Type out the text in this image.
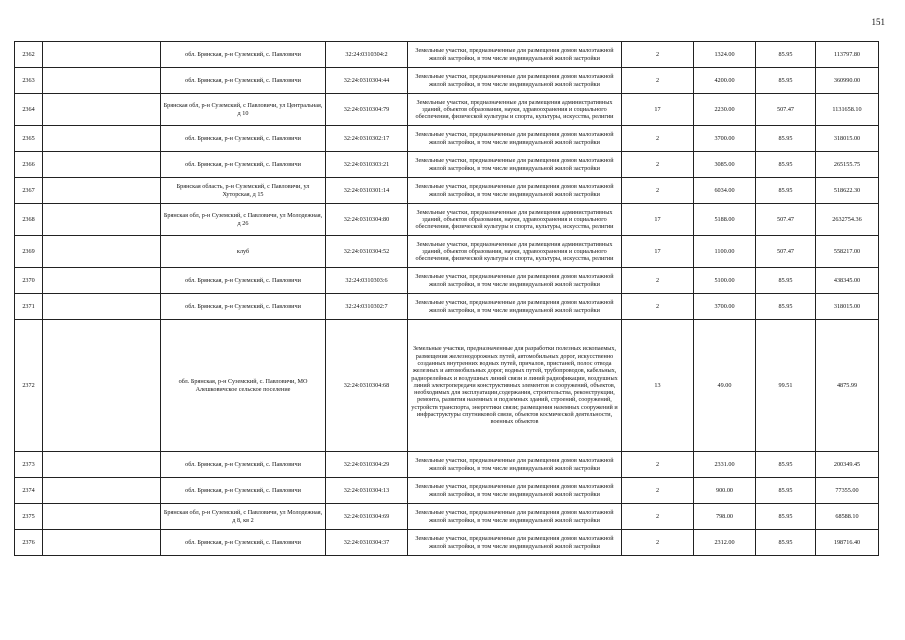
151
2362		обл. Брянская, р-н Суземский, с. Павловичи	32:24:0310304:2	Земельные участки, предназначенные для размещения домов малоэтажной жилой застройки, в том числе индивидуальной жилой застройки	2	1324.00	85.95	113797.80
2363		обл. Брянская, р-н Суземский, с. Павловичи	32:24:0310304:44	Земельные участки, предназначенные для размещения домов малоэтажной жилой застройки, в том числе индивидуальной жилой застройки	2	4200.00	85.95	360990.00
2364		Брянская обл, р-н Суземский, с Павловичи, ул Центральная, д 10	32:24:0310304:79	Земельные участки, предназначенные для размещения административных зданий, объектов образования, науки, здравоохранения и социального обеспечения, физической культуры и спорта, культуры, искусства, религии	17	2230.00	507.47	1131658.10
2365		обл. Брянская, р-н Суземский, с. Павловичи	32:24:0310302:17	Земельные участки, предназначенные для размещения домов малоэтажной жилой застройки, в том числе индивидуальной жилой застройки	2	3700.00	85.95	318015.00
2366		обл. Брянская, р-н Суземский, с. Павловичи	32:24:0310303:21	Земельные участки, предназначенные для размещения домов малоэтажной жилой застройки, в том числе индивидуальной жилой застройки	2	3085.00	85.95	265155.75
2367		Брянская область, р-н Суземский, с Павловичи, ул Хуторская, д 15	32:24:0310301:14	Земельные участки, предназначенные для размещения домов малоэтажной жилой застройки, в том числе индивидуальной жилой застройки	2	6034.00	85.95	518622.30
2368		Брянская обл, р-н Суземский, с Павловичи, ул Молодежная, д 26	32:24:0310304:80	Земельные участки, предназначенные для размещения административных зданий, объектов образования, науки, здравоохранения и социального обеспечения, физической культуры и спорта, культуры, искусства, религии	17	5188.00	507.47	2632754.36
2369		клуб	32:24:0310304:52	Земельные участки, предназначенные для размещения административных зданий, объектов образования, науки, здравоохранения и социального обеспечения, физической культуры и спорта, культуры, искусства, религии	17	1100.00	507.47	558217.00
2370		обл. Брянская, р-н Суземский, с. Павловичи	32:24:0310303:6	Земельные участки, предназначенные для размещения домов малоэтажной жилой застройки, в том числе индивидуальной жилой застройки	2	5100.00	85.95	438345.00
2371		обл. Брянская, р-н Суземский, с. Павловичи	32:24:0310302:7	Земельные участки, предназначенные для размещения домов малоэтажной жилой застройки, в том числе индивидуальной жилой застройки	2	3700.00	85.95	318015.00
2372		обл. Брянская, р-н Суземский, с. Павловичи, МО Алешковичское сельское поселение	32:24:0310304:68	Земельные участки, предназначенные для разработки полезных ископаемых, размещения железнодорожных путей, автомобильных дорог, искусственно созданных внутренних водных путей, причалов, пристаней, полос отвода железных и автомобильных дорог, водных путей, трубопроводов, кабельных, радиорелейных и воздушных линий связи и линий радиофикации, воздушных линий электропередачи конструктивных элементов и сооружений, объектов, необходимых для эксплуатации,содержания, строительства, реконструкции, ремонта, развития наземных и подземных зданий, строений, сооружений, устройств транспорта, энергетики связи; размещения наземных сооружений и инфраструктуры спутниковой связи, объектов космической деятельности, военных объектов	13	49.00	99.51	4875.99
2373		обл. Брянская, р-н Суземский, с. Павловичи	32:24:0310304:29	Земельные участки, предназначенные для размещения домов малоэтажной жилой застройки, в том числе индивидуальной жилой застройки	2	2331.00	85.95	200349.45
2374		обл. Брянская, р-н Суземский, с. Павловичи	32:24:0310304:13	Земельные участки, предназначенные для размещения домов малоэтажной жилой застройки, в том числе индивидуальной жилой застройки	2	900.00	85.95	77355.00
2375		Брянская обл, р-н Суземский, с Павловичи, ул Молодежная, д 8, кв 2	32:24:0310304:69	Земельные участки, предназначенные для размещения домов малоэтажной жилой застройки, в том числе индивидуальной жилой застройки	2	798.00	85.95	68588.10
2376		обл. Брянская, р-н Суземский, с. Павловичи	32:24:0310304:37	Земельные участки, предназначенные для размещения домов малоэтажной жилой застройки, в том числе индивидуальной жилой застройки	2	2312.00	85.95	198716.40
